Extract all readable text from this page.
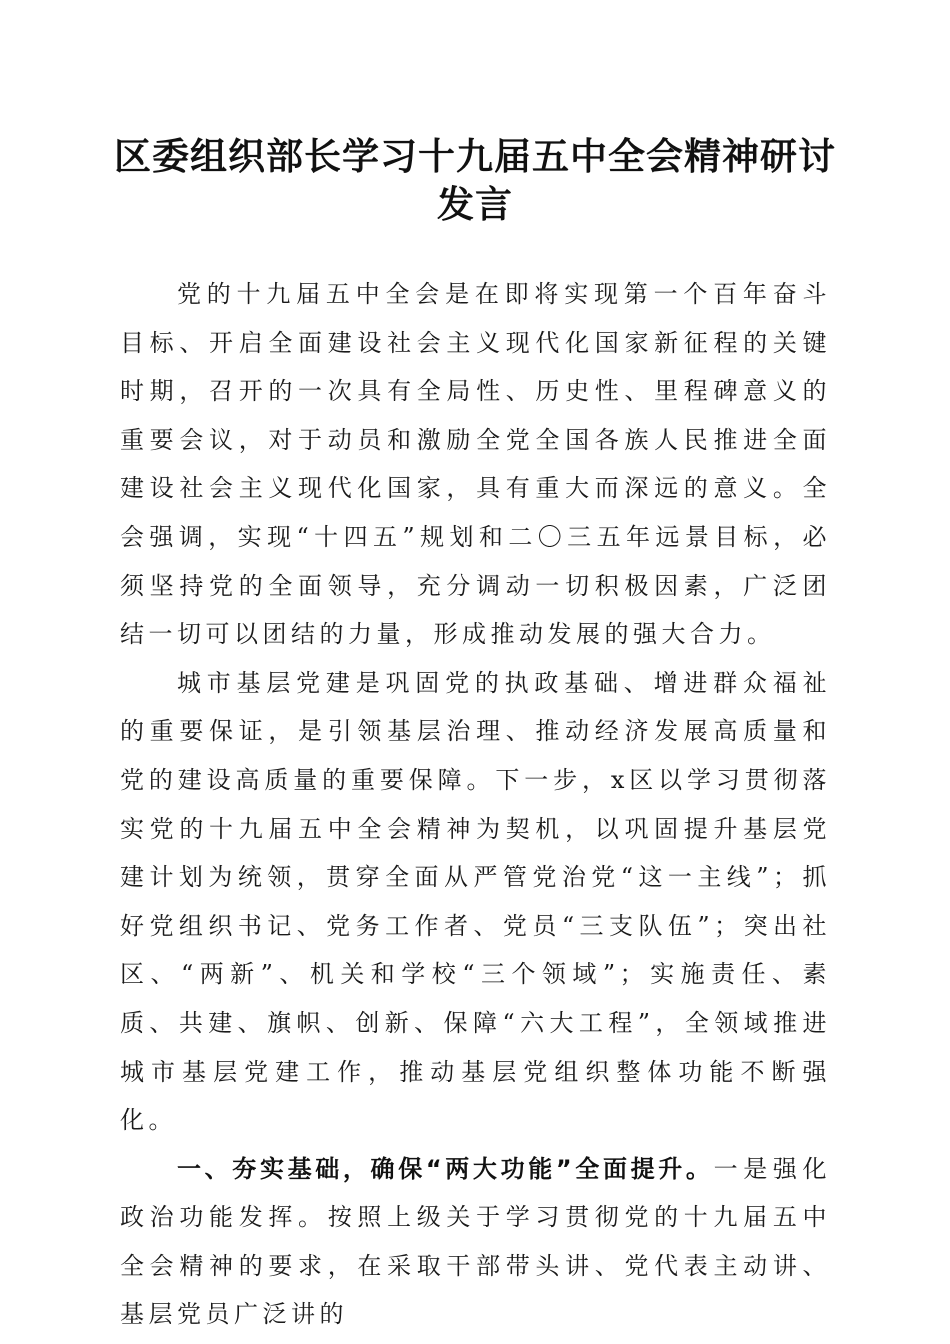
区委组织部长学习十九届五中全会精神研讨发言

党的十九届五中全会是在即将实现第一个百年奋斗目标、开启全面建设社会主义现代化国家新征程的关键时期，召开的一次具有全局性、历史性、里程碑意义的重要会议，对于动员和激励全党全国各族人民推进全面建设社会主义现代化国家，具有重大而深远的意义。全会强调，实现“十四五”规划和二〇三五年远景目标，必须坚持党的全面领导，充分调动一切积极因素，广泛团结一切可以团结的力量，形成推动发展的强大合力。

城市基层党建是巩固党的执政基础、增进群众福祉的重要保证，是引领基层治理、推动经济发展高质量和党的建设高质量的重要保障。下一步，x区以学习贯彻落实党的十九届五中全会精神为契机，以巩固提升基层党建计划为统领，贯穿全面从严管党治党“这一主线”；抓好党组织书记、党务工作者、党员“三支队伍”；突出社区、“两新”、机关和学校“三个领域”；实施责任、素质、共建、旗帜、创新、保障“六大工程”，全领域推进城市基层党建工作，推动基层党组织整体功能不断强化。

一、夯实基础，确保“两大功能”全面提升。一是强化政治功能发挥。按照上级关于学习贯彻党的十九届五中全会精神的要求，在采取干部带头讲、党代表主动讲、基层党员广泛讲的
